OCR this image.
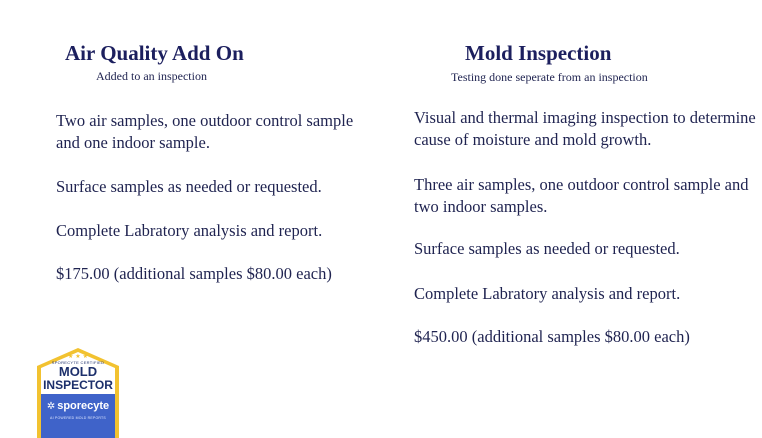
Air Quality Add On
Added to an inspection
Two air samples, one outdoor control sample and one indoor sample.
Surface samples as needed or requested.
Complete Labratory analysis and report.
$175.00 (additional samples $80.00 each)
Mold Inspection
Testing done seperate from an inspection
Visual and thermal imaging inspection to determine cause of moisture and mold growth.
Three air samples, one outdoor control sample and two indoor samples.
Surface samples as needed or requested.
Complete Labratory analysis and report.
$450.00 (additional samples $80.00 each)
★ ★ ★
SPORECYTE CERTIFIED
MOLD
INSPECTOR
✲ sporecyte
AI POWERED MOLD REPORTS
